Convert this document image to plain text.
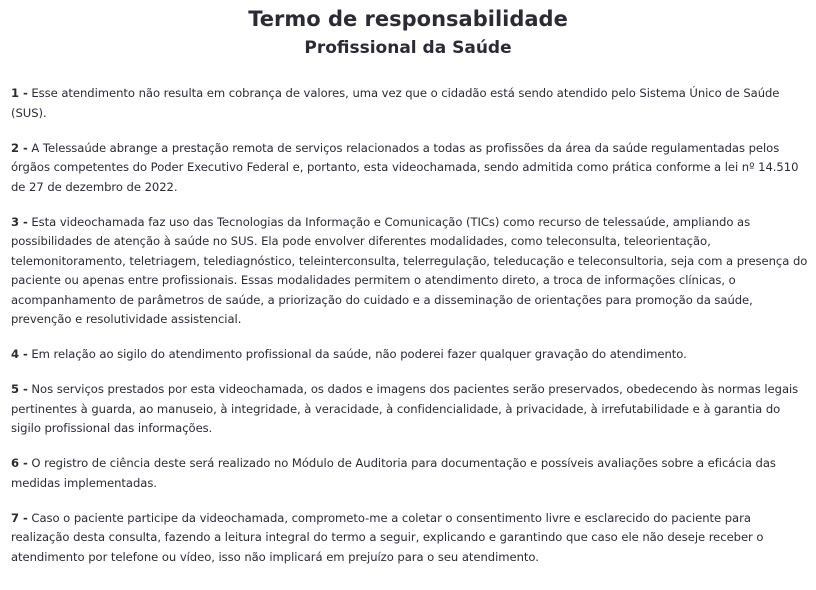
Termo de responsabilidade
Profissional da Saúde
1 - Esse atendimento não resulta em cobrança de valores, uma vez que o cidadão está sendo atendido pelo Sistema Único de Saúde (SUS).
2 - A Telessaúde abrange a prestação remota de serviços relacionados a todas as profissões da área da saúde regulamentadas pelos órgãos competentes do Poder Executivo Federal e, portanto, esta videochamada, sendo admitida como prática conforme a lei nº 14.510 de 27 de dezembro de 2022.
3 - Esta videochamada faz uso das Tecnologias da Informação e Comunicação (TICs) como recurso de telessaúde, ampliando as possibilidades de atenção à saúde no SUS. Ela pode envolver diferentes modalidades, como teleconsulta, teleorientação, telemonitoramento, teletriagem, telediagnóstico, teleinterconsulta, telerregulação, teleducação e teleconsultoria, seja com a presença do paciente ou apenas entre profissionais. Essas modalidades permitem o atendimento direto, a troca de informações clínicas, o acompanhamento de parâmetros de saúde, a priorização do cuidado e a disseminação de orientações para promoção da saúde, prevenção e resolutividade assistencial.
4 - Em relação ao sigilo do atendimento profissional da saúde, não poderei fazer qualquer gravação do atendimento.
5 - Nos serviços prestados por esta videochamada, os dados e imagens dos pacientes serão preservados, obedecendo às normas legais pertinentes à guarda, ao manuseio, à integridade, à veracidade, à confidencialidade, à privacidade, à irrefutabilidade e à garantia do sigilo profissional das informações.
6 - O registro de ciência deste será realizado no Módulo de Auditoria para documentação e possíveis avaliações sobre a eficácia das medidas implementadas.
7 - Caso o paciente participe da videochamada, comprometo-me a coletar o consentimento livre e esclarecido do paciente para realização desta consulta, fazendo a leitura integral do termo a seguir, explicando e garantindo que caso ele não deseje receber o atendimento por telefone ou vídeo, isso não implicará em prejuízo para o seu atendimento.
